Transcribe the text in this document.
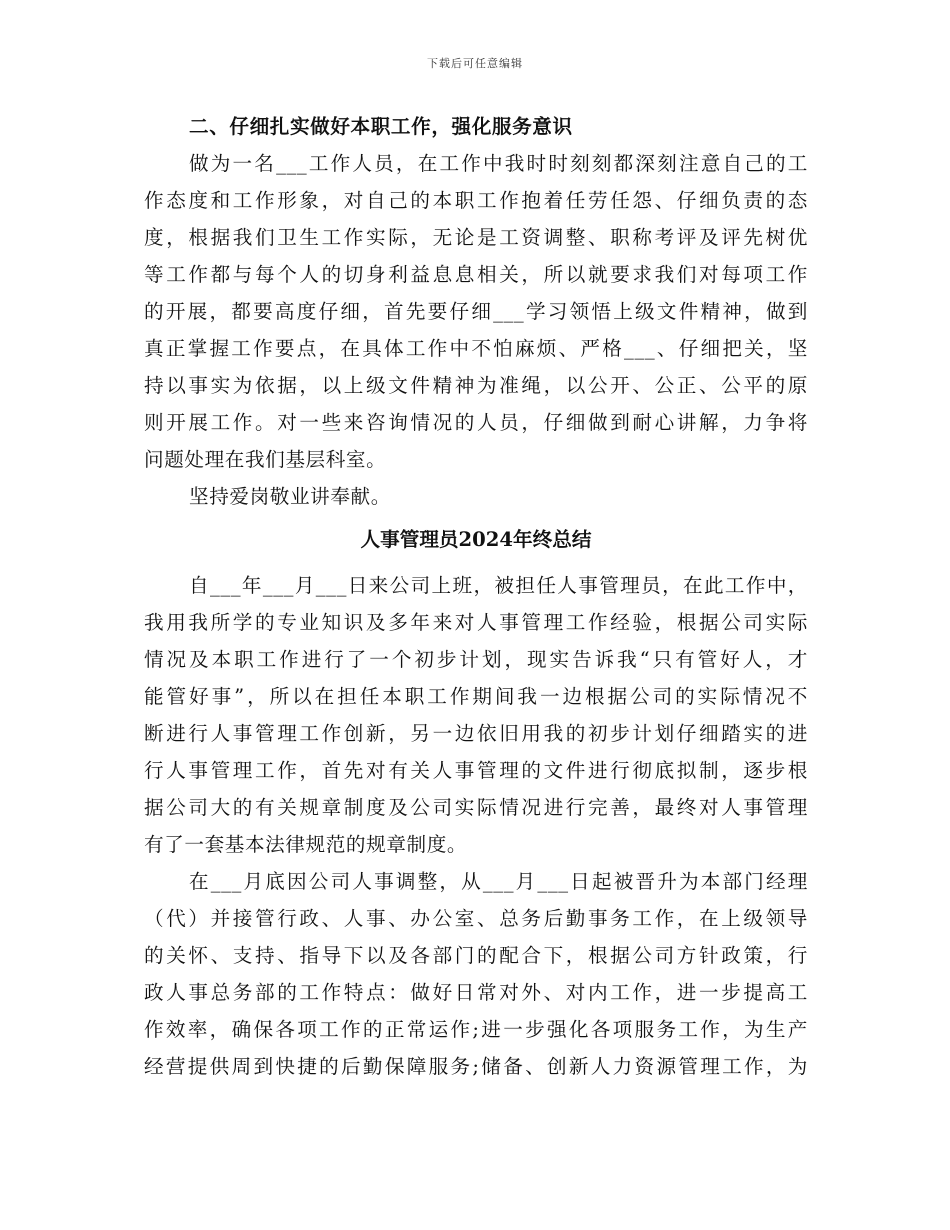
下载后可任意编辑
二、仔细扎实做好本职工作，强化服务意识
做为一名___工作人员，在工作中我时时刻刻都深刻注意自己的工
作态度和工作形象，对自己的本职工作抱着任劳任怨、仔细负责的态
度，根据我们卫生工作实际，无论是工资调整、职称考评及评先树优
等工作都与每个人的切身利益息息相关，所以就要求我们对每项工作
的开展，都要高度仔细，首先要仔细___学习领悟上级文件精神，做到
真正掌握工作要点，在具体工作中不怕麻烦、严格___、仔细把关，坚
持以事实为依据，以上级文件精神为准绳，以公开、公正、公平的原
则开展工作。对一些来咨询情况的人员，仔细做到耐心讲解，力争将
问题处理在我们基层科室。
坚持爱岗敬业讲奉献。
人事管理员2024年终总结
自___年___月___日来公司上班，被担任人事管理员，在此工作中，
我用我所学的专业知识及多年来对人事管理工作经验，根据公司实际
情况及本职工作进行了一个初步计划，现实告诉我“只有管好人，才
能管好事”，所以在担任本职工作期间我一边根据公司的实际情况不
断进行人事管理工作创新，另一边依旧用我的初步计划仔细踏实的进
行人事管理工作，首先对有关人事管理的文件进行彻底拟制，逐步根
据公司大的有关规章制度及公司实际情况进行完善，最终对人事管理
有了一套基本法律规范的规章制度。
在___月底因公司人事调整，从___月___日起被晋升为本部门经理
（代）并接管行政、人事、办公室、总务后勤事务工作，在上级领导
的关怀、支持、指导下以及各部门的配合下，根据公司方针政策，行
政人事总务部的工作特点：做好日常对外、对内工作，进一步提高工
作效率，确保各项工作的正常运作;进一步强化各项服务工作，为生产
经营提供周到快捷的后勤保障服务;储备、创新人力资源管理工作，为
